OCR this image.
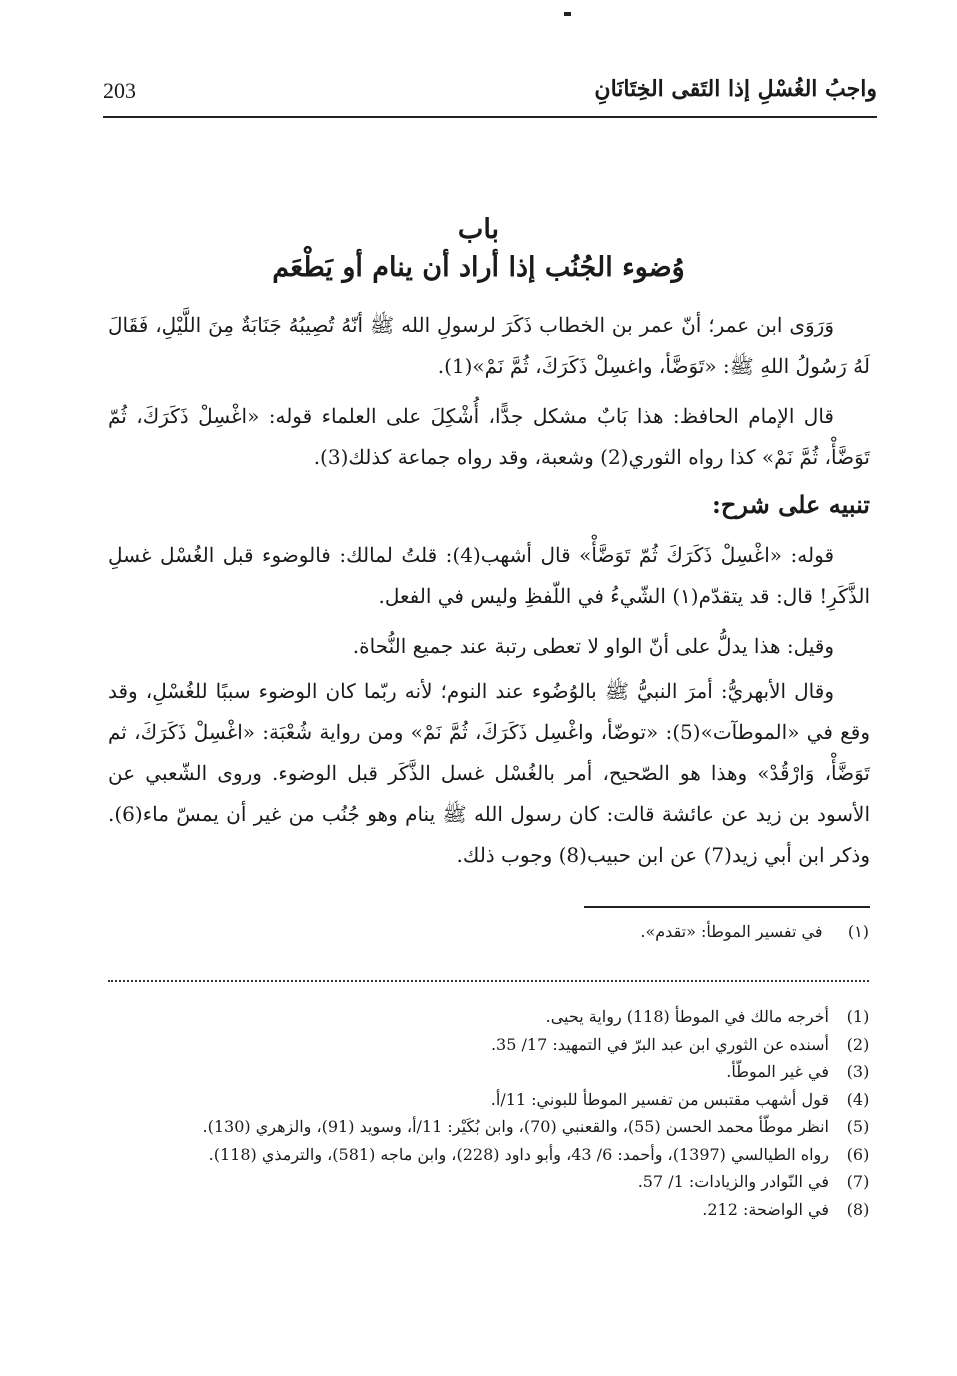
203	واجبُ الغُسْلِ إذا التَقى الخِتَانَانِ
باب
وُضوء الجُنُب إذا أراد أن ينام أو يَطْعَم

وَرَوَى ابن عمر؛ أنّ عمر بن الخطاب ذَكَرَ لرسولِ الله ﷺ أنّهُ تُصِيبُهُ جَنَابَةٌ مِنَ اللَّيْلِ، فَقَالَ لَهُ رَسُولُ اللهِ ﷺ: «تَوَضَّأ، واغسِلْ ذَكَرَكَ، ثُمَّ نَمْ»(1).

قال الإمام الحافظ: هذا بَابٌ مشكل جدًّا، أُشْكِلَ على العلماء قوله: «اغْسِلْ ذَكَرَكَ، ثُمّ تَوَضَّأْ، ثُمَّ نَمْ» كذا رواه الثوري(2) وشعبة، وقد رواه جماعة كذلك(3).

تنبيه على شرح:

قوله: «اغْسِلْ ذَكَرَكَ ثُمّ تَوَضَّأْ» قال أشهب(4): قلتُ لمالك: فالوضوء قبل الغُسْل غسلِ الذَّكَرِ! قال: قد يتقدّم(١) الشّيءُ في اللّفظِ وليس في الفعل.

وقيل: هذا يدلُّ على أنّ الواو لا تعطى رتبة عند جميع النُّحاة.

وقال الأبهريُّ: أمرَ النبيُّ ﷺ بالوُضُوء عند النوم؛ لأنه ربّما كان الوضوء سببًا للغُسْلِ، وقد وقع في «الموطآت»(5): «توضّأ، واغْسِل ذَكَرَكَ، ثُمَّ نَمْ» ومن رواية شُعْبَة: «اغْسِلْ ذَكَرَكَ، ثم تَوَضَّأْ، وَارْقُدْ» وهذا هو الصّحيح، أمر بالغُسْل غسل الذَّكَر قبل الوضوء. وروى الشّعبي عن الأسود بن زيد عن عائشة قالت: كان رسول الله ﷺ ينام وهو جُنُب من غير أن يمسّ ماء(6). وذكر ابن أبي زيد(7) عن ابن حبيب(8) وجوب ذلك.

(١)     في تفسير الموطأ: «تقدم».
(1)
أخرجه مالك في الموطأ (118) رواية يحيى.
(2)
أسنده عن الثوري ابن عبد البرّ في التمهيد: 17/ 35.
(3)
في غير الموطّأ.
(4)
قول أشهب مقتبس من تفسير الموطأ للبوني: 11/أ.
(5)
انظر موطّأ محمد الحسن (55)، والقعنبي (70)، وابن بُكَيْر: 11/أ، وسويد (91)، والزهري (130).
(6)
رواه الطيالسي (1397)، وأحمد: 6/ 43، وأبو داود (228)، وابن ماجه (581)، والترمذي (118).
(7)
في النّوادر والزيادات: 1/ 57.
(8)
في الواضحة: 212.
